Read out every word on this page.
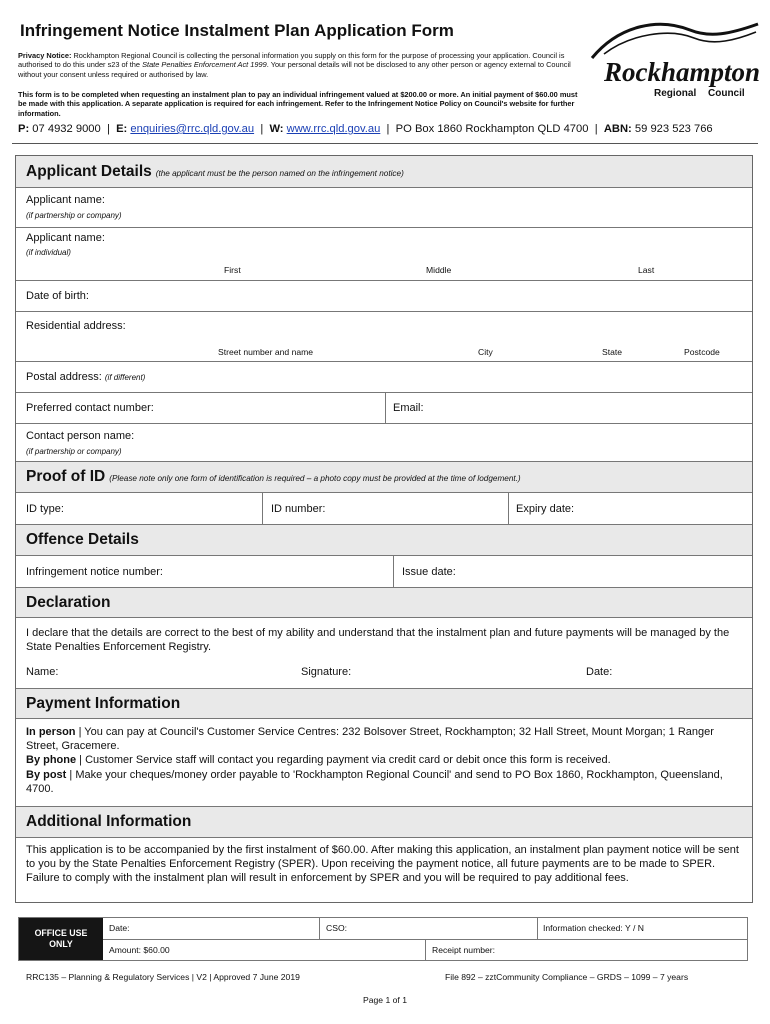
Infringement Notice Instalment Plan Application Form
Privacy Notice: Rockhampton Regional Council is collecting the personal information you supply on this form for the purpose of processing your application. Council is authorised to do this under s23 of the State Penalties Enforcement Act 1999. Your personal details will not be disclosed to any other person or agency external to Council without your consent unless required or authorised by law.
This form is to be completed when requesting an instalment plan to pay an individual infringement valued at $200.00 or more. An initial payment of $60.00 must be made with this application. A separate application is required for each infringement. Refer to the Infringement Notice Policy on Council's website for further information.
P: 07 4932 9000 | E: enquiries@rrc.qld.gov.au | W: www.rrc.qld.gov.au | PO Box 1860 Rockhampton QLD 4700 | ABN: 59 923 523 766
Rockhampton
Regional Council
Applicant Details (the applicant must be the person named on the infringement notice)
Applicant name:
(if partnership or company)
Applicant name:
(if individual)
First	Middle	Last
Date of birth:
Residential address:
Street number and name	City	State	Postcode
Postal address: (if different)
Preferred contact number:	Email:
Contact person name:
(if partnership or company)
Proof of ID (Please note only one form of identification is required – a photo copy must be provided at the time of lodgement.)
ID type:	ID number:	Expiry date:
Offence Details
Infringement notice number:	Issue date:
Declaration
I declare that the details are correct to the best of my ability and understand that the instalment plan and future payments will be managed by the State Penalties Enforcement Registry.
Name:	Signature:	Date:
Payment Information
In person | You can pay at Council's Customer Service Centres: 232 Bolsover Street, Rockhampton; 32 Hall Street, Mount Morgan; 1 Ranger Street, Gracemere.
By phone | Customer Service staff will contact you regarding payment via credit card or debit once this form is received.
By post | Make your cheques/money order payable to 'Rockhampton Regional Council' and send to PO Box 1860, Rockhampton, Queensland, 4700.
Additional Information
This application is to be accompanied by the first instalment of $60.00. After making this application, an instalment plan payment notice will be sent to you by the State Penalties Enforcement Registry (SPER). Upon receiving the payment notice, all future payments are to be made to SPER. Failure to comply with the instalment plan will result in enforcement by SPER and you will be required to pay additional fees.
OFFICE USE
ONLY
Date:	CSO:	Information checked: Y / N
Amount: $60.00	Receipt number:
RRC135 – Planning & Regulatory Services | V2 | Approved 7 June 2019	File 892 – zztCommunity Compliance – GRDS – 1099 – 7 years
Page 1 of 1
